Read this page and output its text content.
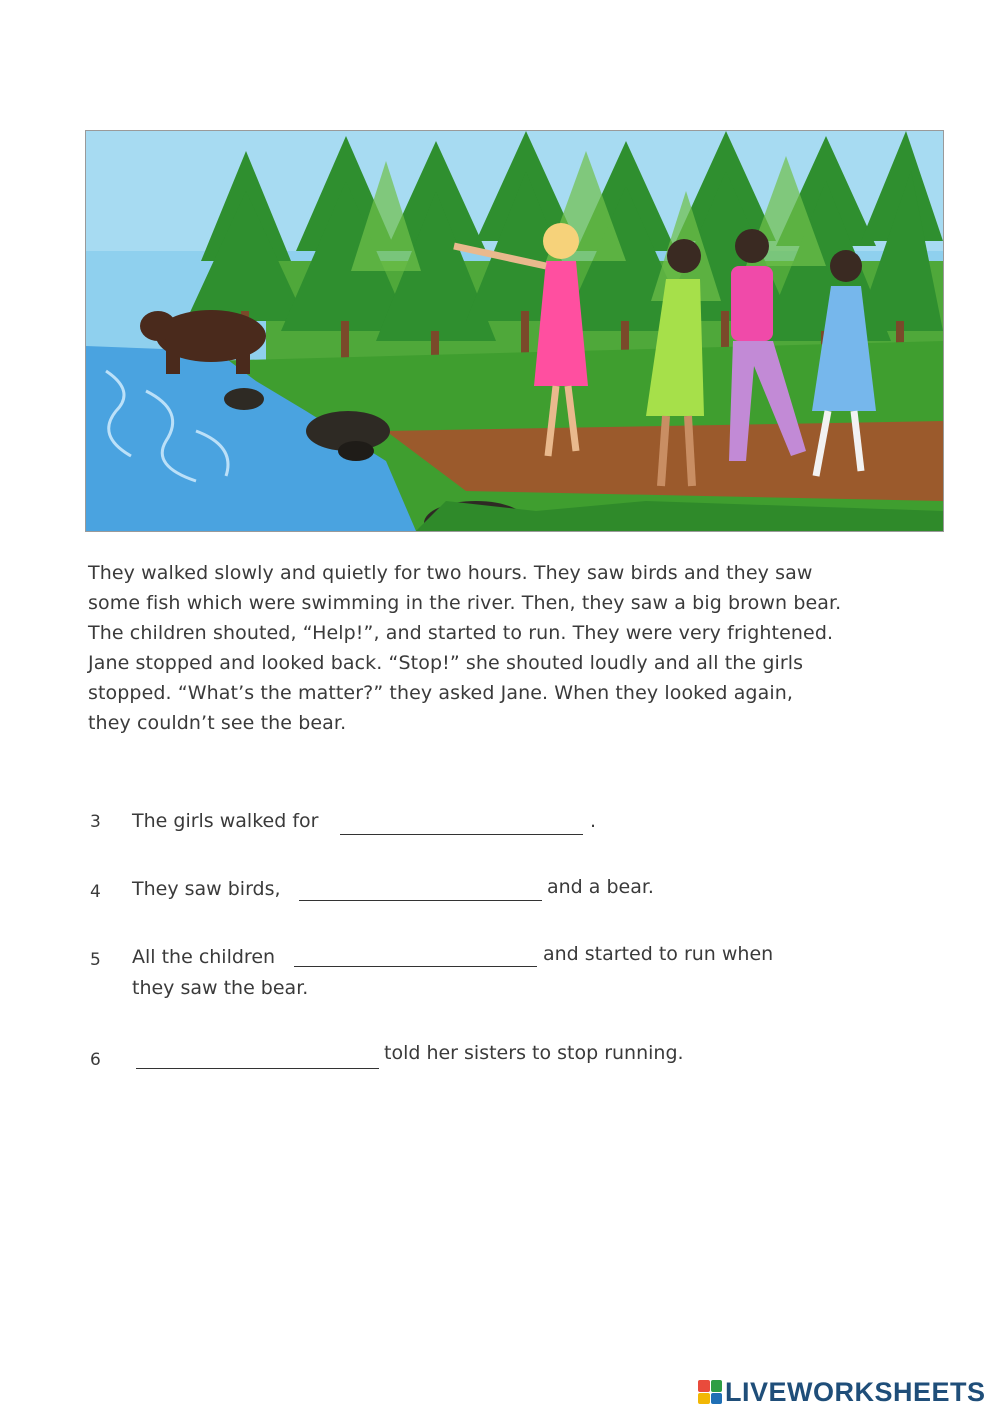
They walked slowly and quietly for two hours. They saw birds and they saw
some fish which were swimming in the river. Then, they saw a big brown bear.
The children shouted, “Help!”, and started to run. They were very frightened.
Jane stopped and looked back. “Stop!” she shouted loudly and all the girls
stopped. “What’s the matter?” they asked Jane. When they looked again,
they couldn’t see the bear.
3 The girls walked for	.
4 They saw birds,	and a bear.
5 All the children	and started to run when
they saw the bear.
6	told her sisters to stop running.
LIVEWORKSHEETS
